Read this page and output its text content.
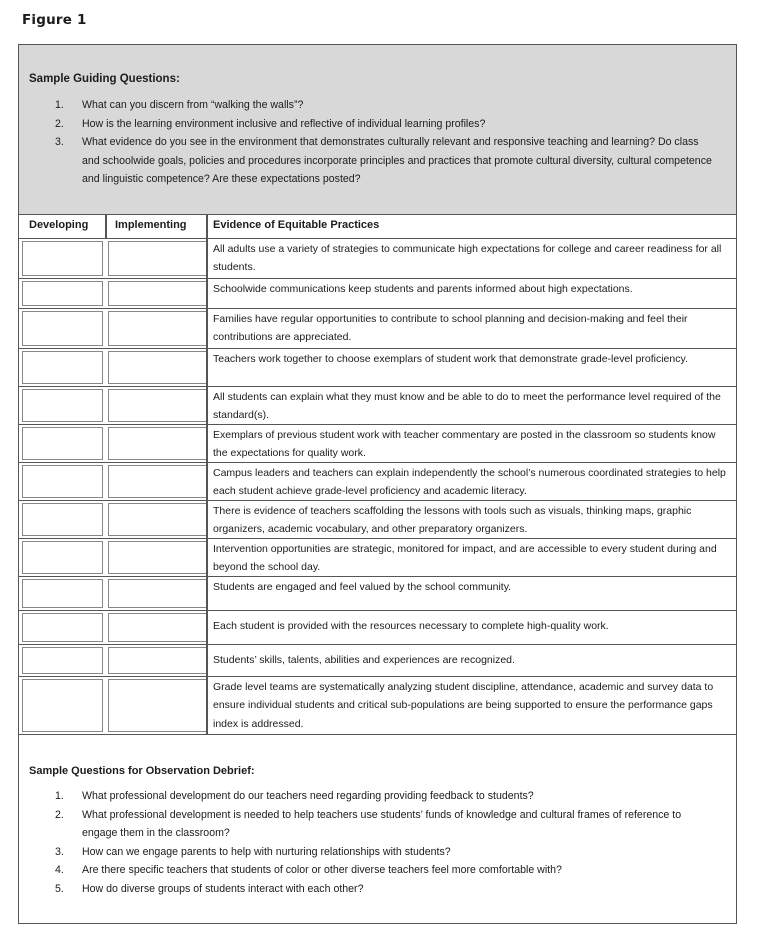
Figure 1
Sample Guiding Questions:
1.	What can you discern from “walking the walls”?
2.	How is the learning environment inclusive and reflective of individual learning profiles?
3.	What evidence do you see in the environment that demonstrates culturally relevant and responsive teaching and learning? Do class and schoolwide goals, policies and procedures incorporate principles and practices that promote cultural diversity, cultural competence and linguistic competence? Are these expectations posted?
Developing Implementing Evidence of Equitable Practices
All adults use a variety of strategies to communicate high expectations for college and career readiness for all students.
Schoolwide communications keep students and parents informed about high expectations.
Families have regular opportunities to contribute to school planning and decision-making and feel their contributions are appreciated.
Teachers work together to choose exemplars of student work that demonstrate grade-level proficiency.
All students can explain what they must know and be able to do to meet the performance level required of the standard(s).
Exemplars of previous student work with teacher commentary are posted in the classroom so students know the expectations for quality work.
Campus leaders and teachers can explain independently the school’s numerous coordinated strategies to help each student achieve grade-level proficiency and academic literacy.
There is evidence of teachers scaffolding the lessons with tools such as visuals, thinking maps, graphic organizers, academic vocabulary, and other preparatory organizers.
Intervention opportunities are strategic, monitored for impact, and are accessible to every student during and beyond the school day.
Students are engaged and feel valued by the school community.
Each student is provided with the resources necessary to complete high-quality work.
Students’ skills, talents, abilities and experiences are recognized.
Grade level teams are systematically analyzing student discipline, attendance, academic and survey data to ensure individual students and critical sub-populations are being supported to ensure the performance gaps index is addressed.
Sample Questions for Observation Debrief:
1.	What professional development do our teachers need regarding providing feedback to students?
2.	What professional development is needed to help teachers use students’ funds of knowledge and cultural frames of reference to engage them in the classroom?
3.	How can we engage parents to help with nurturing relationships with students?
4.	Are there specific teachers that students of color or other diverse teachers feel more comfortable with?
5.	How do diverse groups of students interact with each other?
